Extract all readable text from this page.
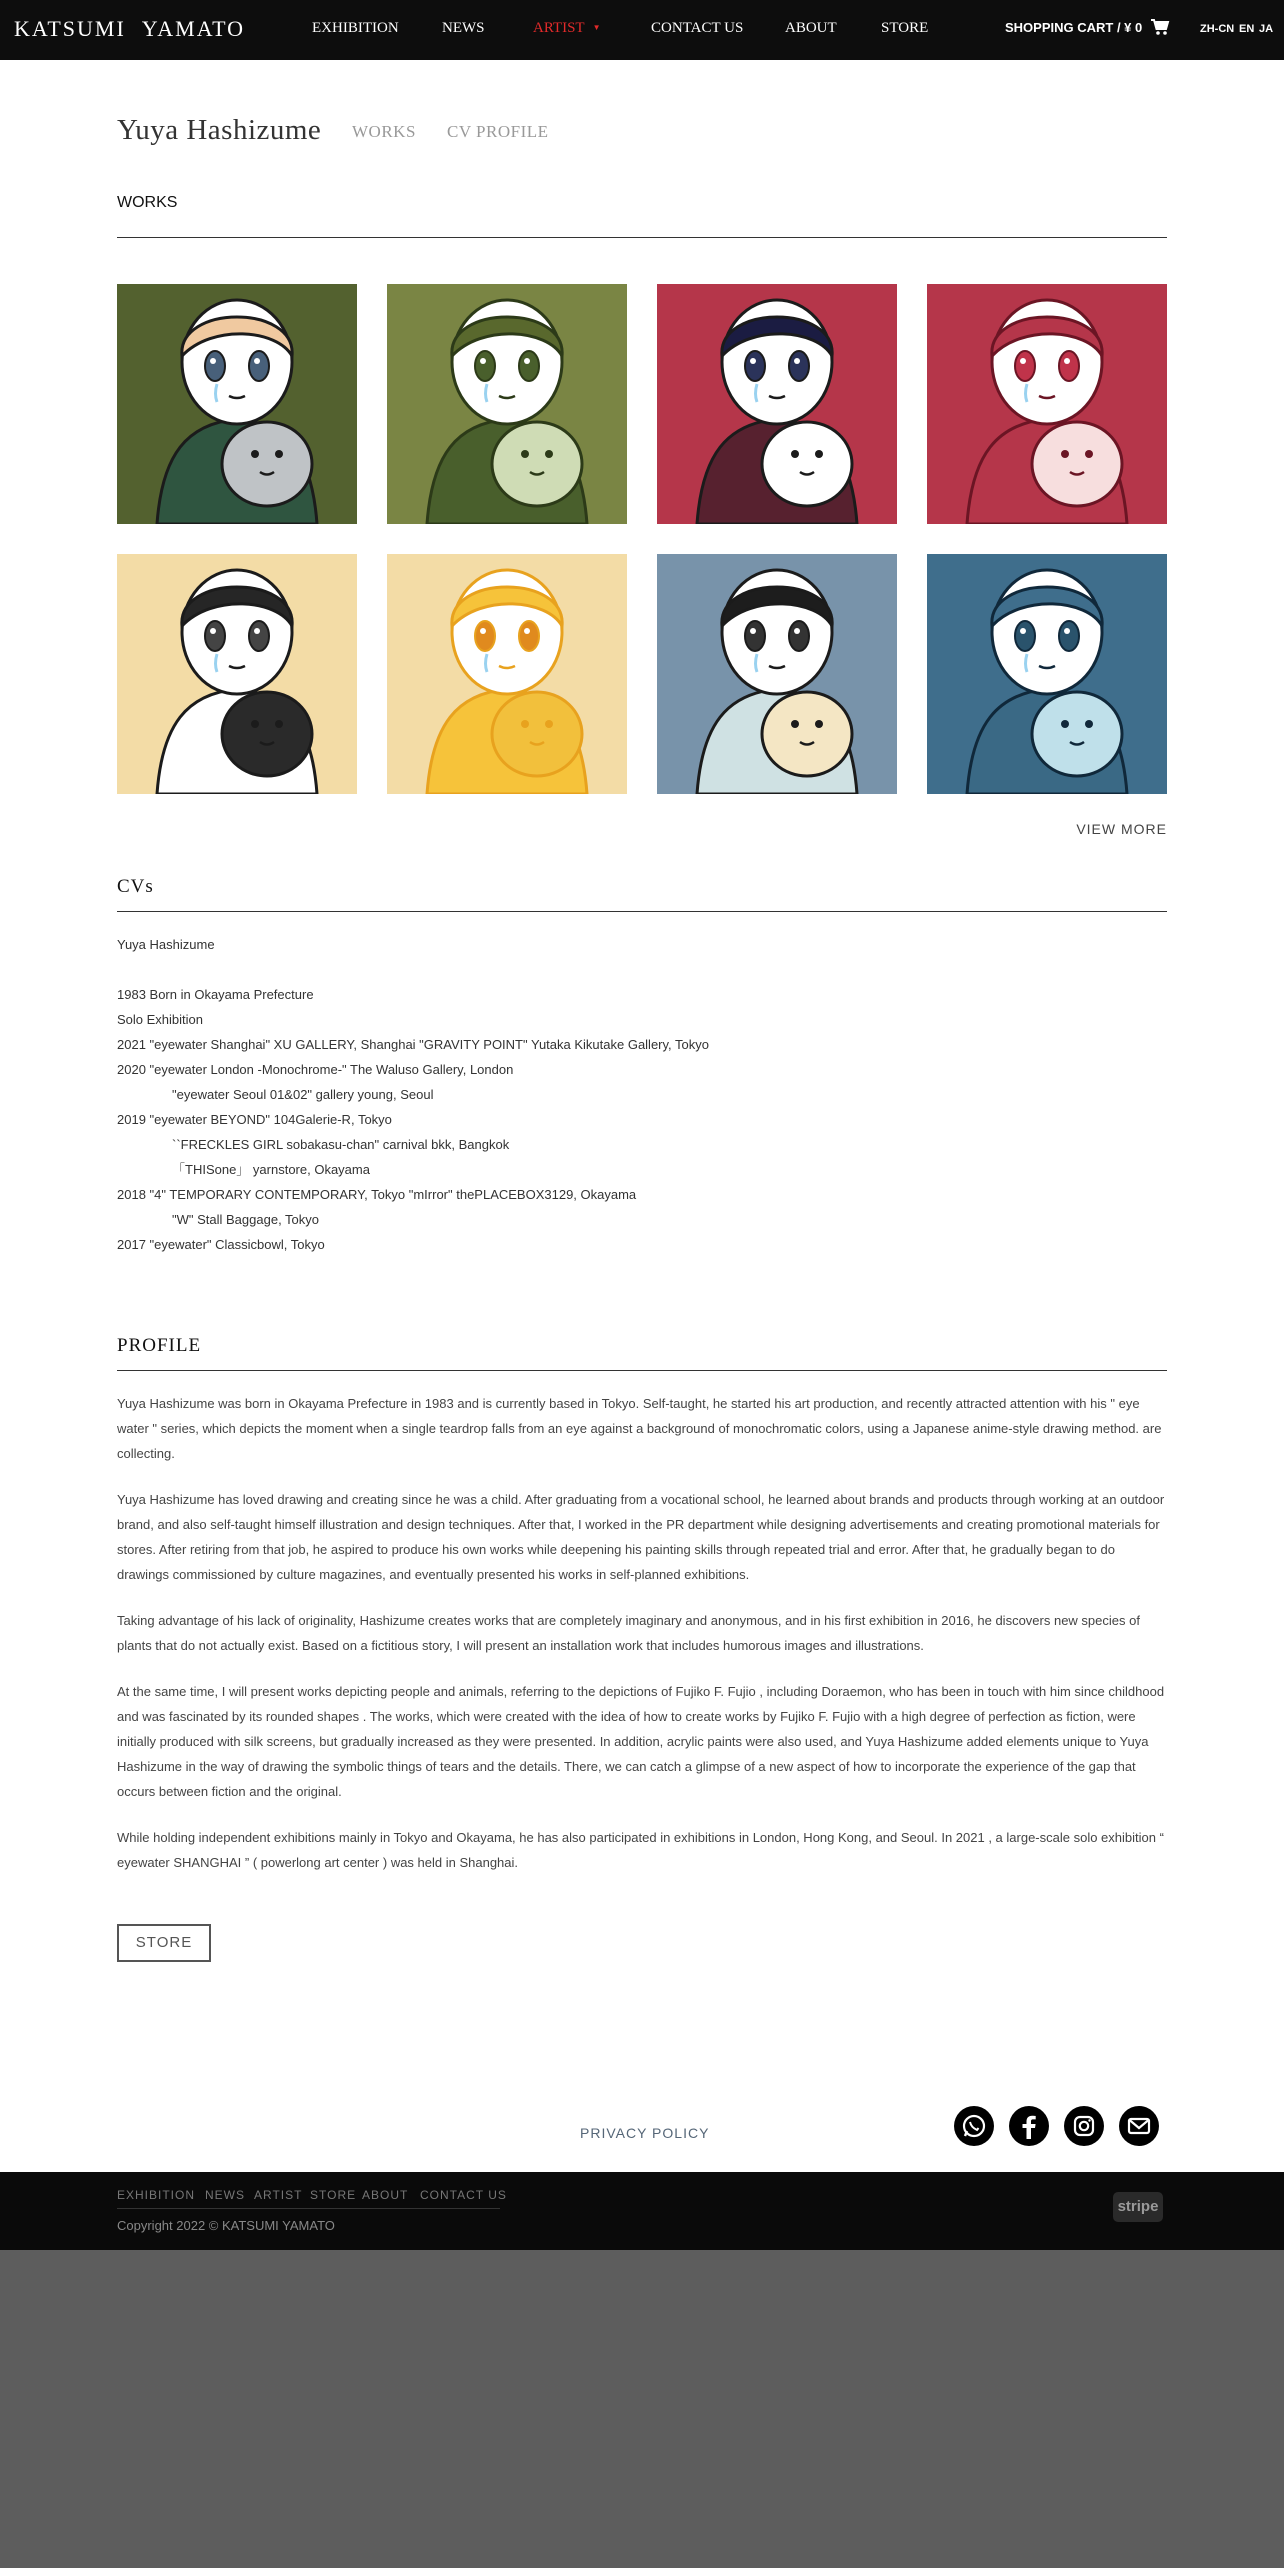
KATSUMI YAMATO	EXHIBITION	NEWS	ARTIST ▼	CONTACT US	ABOUT	STORE	SHOPPING CART / ¥ 0	ZH-CN EN JA
Yuya Hashizume WORKS CV PROFILE
WORKS
VIEW MORE
CVs
Yuya Hashizume
1983 Born in Okayama Prefecture
Solo Exhibition
2021 "eyewater Shanghai" XU GALLERY, Shanghai "GRAVITY POINT" Yutaka Kikutake Gallery, Tokyo
2020 "eyewater London -Monochrome-" The Waluso Gallery, London
"eyewater Seoul 01&02" gallery young, Seoul
2019 "eyewater BEYOND" 104Galerie-R, Tokyo
``FRECKLES GIRL sobakasu-chan" carnival bkk, Bangkok
「THISone」 yarnstore, Okayama
2018 "4" TEMPORARY CONTEMPORARY, Tokyo "mIrror" thePLACEBOX3129, Okayama
"W" Stall Baggage, Tokyo
2017 "eyewater" Classicbowl, Tokyo
PROFILE

Yuya Hashizume was born in Okayama Prefecture in 1983 and is currently based in Tokyo. Self-taught, he started his art production, and recently attracted attention with his " eye water " series, which depicts the moment when a single teardrop falls from an eye against a background of monochromatic colors, using a Japanese anime-style drawing method. are collecting.

Yuya Hashizume has loved drawing and creating since he was a child. After graduating from a vocational school, he learned about brands and products through working at an outdoor brand, and also self-taught himself illustration and design techniques. After that, I worked in the PR department while designing advertisements and creating promotional materials for stores. After retiring from that job, he aspired to produce his own works while deepening his painting skills through repeated trial and error. After that, he gradually began to do drawings commissioned by culture magazines, and eventually presented his works in self-planned exhibitions.

Taking advantage of his lack of originality, Hashizume creates works that are completely imaginary and anonymous, and in his first exhibition in 2016, he discovers new species of plants that do not actually exist. Based on a fictitious story, I will present an installation work that includes humorous images and illustrations.

At the same time, I will present works depicting people and animals, referring to the depictions of Fujiko F. Fujio , including Doraemon, who has been in touch with him since childhood and was fascinated by its rounded shapes . The works, which were created with the idea of how to create works by Fujiko F. Fujio with a high degree of perfection as fiction, were initially produced with silk screens, but gradually increased as they were presented. In addition, acrylic paints were also used, and Yuya Hashizume added elements unique to Yuya Hashizume in the way of drawing the symbolic things of tears and the details. There, we can catch a glimpse of a new aspect of how to incorporate the experience of the gap that occurs between fiction and the original.

While holding independent exhibitions mainly in Tokyo and Okayama, he has also participated in exhibitions in London, Hong Kong, and Seoul. In 2021 , a large-scale solo exhibition “ eyewater SHANGHAI ” ( powerlong art center ) was held in Shanghai.

STORE
PRIVACY POLICY
EXHIBITION NEWS ARTIST STORE ABOUT CONTACT US
Copyright 2022 © KATSUMI YAMATO
stripe
